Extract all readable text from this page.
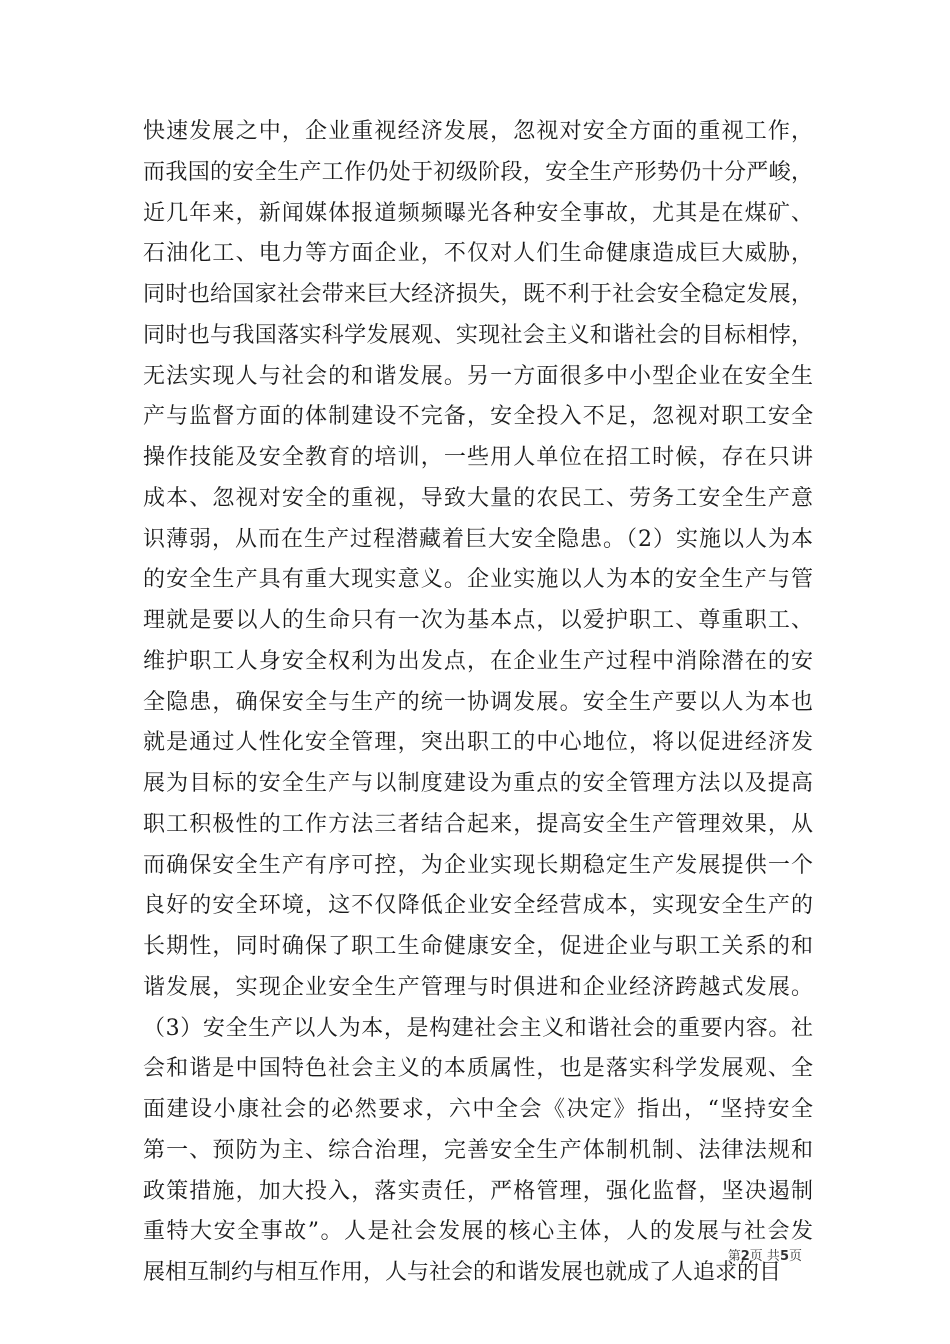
快速发展之中，企业重视经济发展，忽视对安全方面的重视工作，
而我国的安全生产工作仍处于初级阶段，安全生产形势仍十分严峻，
近几年来，新闻媒体报道频频曝光各种安全事故，尤其是在煤矿、
石油化工、电力等方面企业，不仅对人们生命健康造成巨大威胁，
同时也给国家社会带来巨大经济损失，既不利于社会安全稳定发展，
同时也与我国落实科学发展观、实现社会主义和谐社会的目标相悖，
无法实现人与社会的和谐发展。另一方面很多中小型企业在安全生
产与监督方面的体制建设不完备，安全投入不足，忽视对职工安全
操作技能及安全教育的培训，一些用人单位在招工时候，存在只讲
成本、忽视对安全的重视，导致大量的农民工、劳务工安全生产意
识薄弱，从而在生产过程潜藏着巨大安全隐患。（2）实施以人为本
的安全生产具有重大现实意义。企业实施以人为本的安全生产与管
理就是要以人的生命只有一次为基本点，以爱护职工、尊重职工、
维护职工人身安全权利为出发点，在企业生产过程中消除潜在的安
全隐患，确保安全与生产的统一协调发展。安全生产要以人为本也
就是通过人性化安全管理，突出职工的中心地位，将以促进经济发
展为目标的安全生产与以制度建设为重点的安全管理方法以及提高
职工积极性的工作方法三者结合起来，提高安全生产管理效果，从
而确保安全生产有序可控，为企业实现长期稳定生产发展提供一个
良好的安全环境，这不仅降低企业安全经营成本，实现安全生产的
长期性，同时确保了职工生命健康安全，促进企业与职工关系的和
谐发展，实现企业安全生产管理与时俱进和企业经济跨越式发展。
（3）安全生产以人为本，是构建社会主义和谐社会的重要内容。社
会和谐是中国特色社会主义的本质属性，也是落实科学发展观、全
面建设小康社会的必然要求，六中全会《决定》指出，“坚持安全
第一、预防为主、综合治理，完善安全生产体制机制、法律法规和
政策措施，加大投入，落实责任，严格管理，强化监督，坚决遏制
重特大安全事故”。人是社会发展的核心主体，人的发展与社会发
展相互制约与相互作用，人与社会的和谐发展也就成了人追求的目
第2页 共5页
